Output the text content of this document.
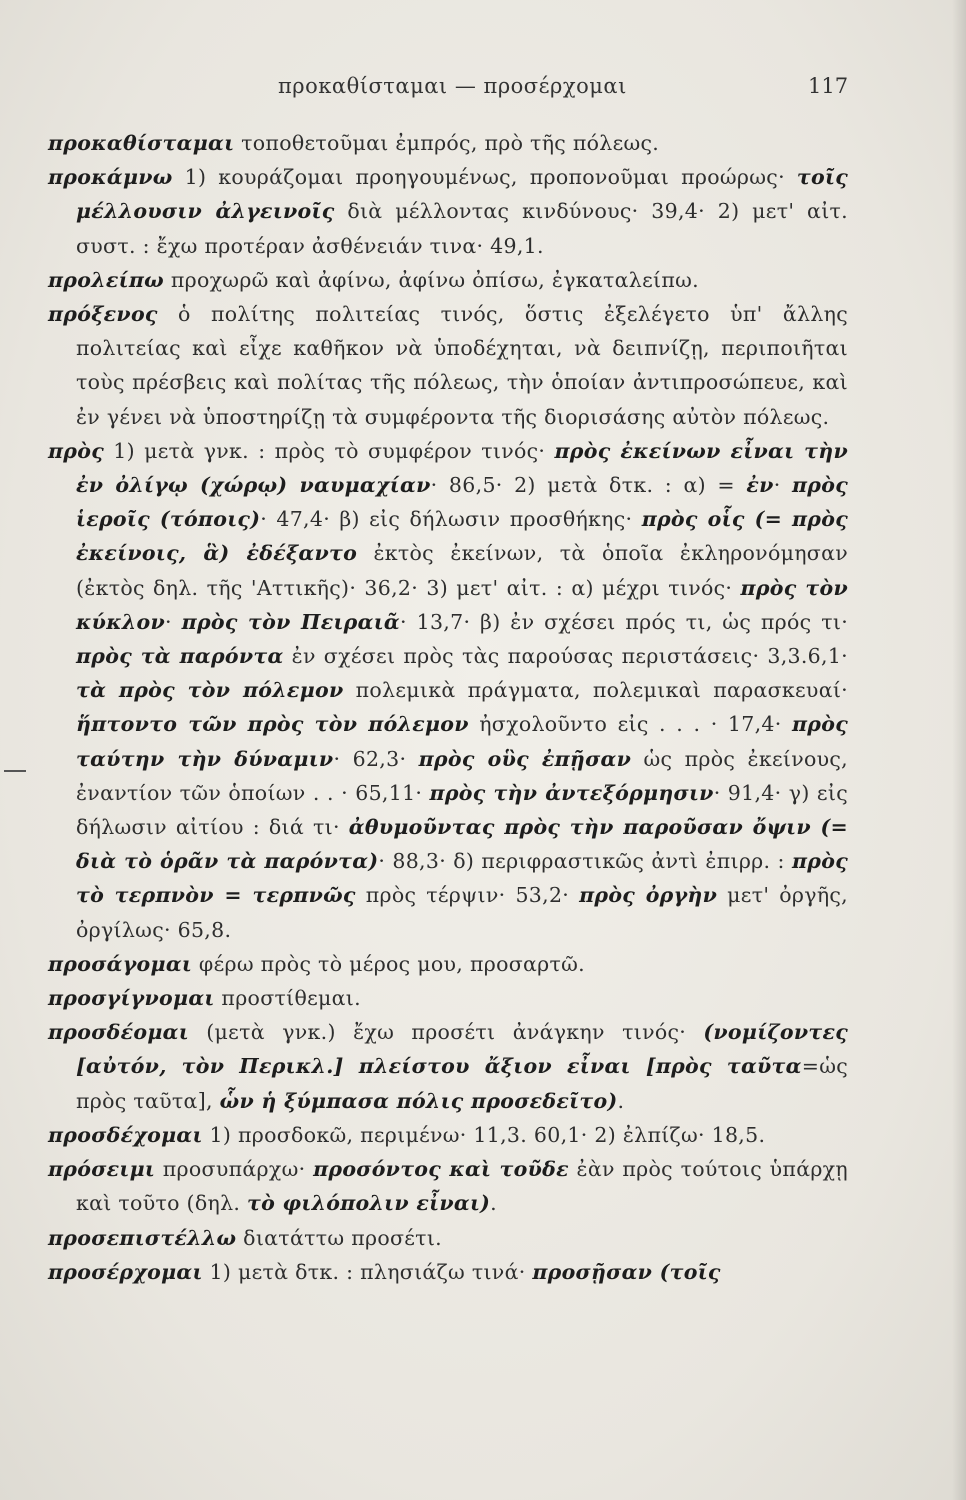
προκαθίσταμαι — προσέρχομαι	117

προκαθίσταμαι τοποθετοῦμαι ἐμπρός, πρὸ τῆς πόλεως.

προκάμνω 1) κουράζομαι προηγουμένως, προπονοῦμαι προώρως· τοῖς μέλλουσιν ἀλγεινοῖς διὰ μέλλοντας κινδύνους· 39,4· 2) μετ' αἰτ. συστ. : ἔχω προτέραν ἀσθένειάν τινα· 49,1.

προλείπω προχωρῶ καὶ ἀφίνω, ἀφίνω ὀπίσω, ἐγκαταλείπω.

πρόξενος ὁ πολίτης πολιτείας τινός, ὅστις ἐξελέγετο ὑπ' ἄλλης πολιτείας καὶ εἶχε καθῆκον νὰ ὑποδέχηται, νὰ δειπνίζῃ, περιποιῆται τοὺς πρέσβεις καὶ πολίτας τῆς πόλεως, τὴν ὁποίαν ἀντιπροσώπευε, καὶ ἐν γένει νὰ ὑποστηρίζῃ τὰ συμφέροντα τῆς διορισάσης αὐτὸν πόλεως.

πρὸς 1) μετὰ γνκ. : πρὸς τὸ συμφέρον τινός· πρὸς ἐκείνων εἶναι τὴν ἐν ὀλίγῳ (χώρῳ) ναυμαχίαν· 86,5· 2) μετὰ δτκ. : α) = ἐν· πρὸς ἱεροῖς (τόποις)· 47,4· β) εἰς δήλωσιν προσθήκης· πρὸς οἷς (= πρὸς ἐκείνοις, ἃ) ἐδέξαντο ἐκτὸς ἐκείνων, τὰ ὁποῖα ἐκληρονόμησαν (ἐκτὸς δηλ. τῆς 'Αττικῆς)· 36,2· 3) μετ' αἰτ. : α) μέχρι τινός· πρὸς τὸν κύκλον· πρὸς τὸν Πειραιᾶ· 13,7· β) ἐν σχέσει πρός τι, ὡς πρός τι· πρὸς τὰ παρόντα ἐν σχέσει πρὸς τὰς παρούσας περιστάσεις· 3,3.6,1· τὰ πρὸς τὸν πόλεμον πολεμικὰ πράγματα, πολεμικαὶ παρασκευαί· ἥπτοντο τῶν πρὸς τὸν πόλεμον ἠσχολοῦντο εἰς . . . · 17,4· πρὸς ταύτην τὴν δύναμιν· 62,3· πρὸς οὓς ἐπῇσαν ὡς πρὸς ἐκείνους, ἐναντίον τῶν ὁποίων . . · 65,11· πρὸς τὴν ἀντεξόρμησιν· 91,4· γ) εἰς δήλωσιν αἰτίου : διά τι· ἀθυμοῦντας πρὸς τὴν παροῦσαν ὄψιν (= διὰ τὸ ὁρᾶν τὰ παρόντα)· 88,3· δ) περιφραστικῶς ἀντὶ ἐπιρρ. : πρὸς τὸ τερπνὸν = τερπνῶς πρὸς τέρψιν· 53,2· πρὸς ὀργὴν μετ' ὀργῆς, ὀργίλως· 65,8.

προσάγομαι φέρω πρὸς τὸ μέρος μου, προσαρτῶ.

προσγίγνομαι προστίθεμαι.

προσδέομαι (μετὰ γνκ.) ἔχω προσέτι ἀνάγκην τινός· (νομίζοντες [αὐτόν, τὸν Περικλ.] πλείστου ἄξιον εἶναι [πρὸς ταῦτα=ὡς πρὸς ταῦτα], ὧν ἡ ξύμπασα πόλις προσεδεῖτο).

προσδέχομαι 1) προσδοκῶ, περιμένω· 11,3. 60,1· 2) ἐλπίζω· 18,5.

πρόσειμι προσυπάρχω· προσόντος καὶ τοῦδε ἐὰν πρὸς τούτοις ὑπάρχῃ καὶ τοῦτο (δηλ. τὸ φιλόπολιν εἶναι).

προσεπιστέλλω διατάττω προσέτι.

προσέρχομαι 1) μετὰ δτκ. : πλησιάζω τινά· προσῇσαν (τοῖς
